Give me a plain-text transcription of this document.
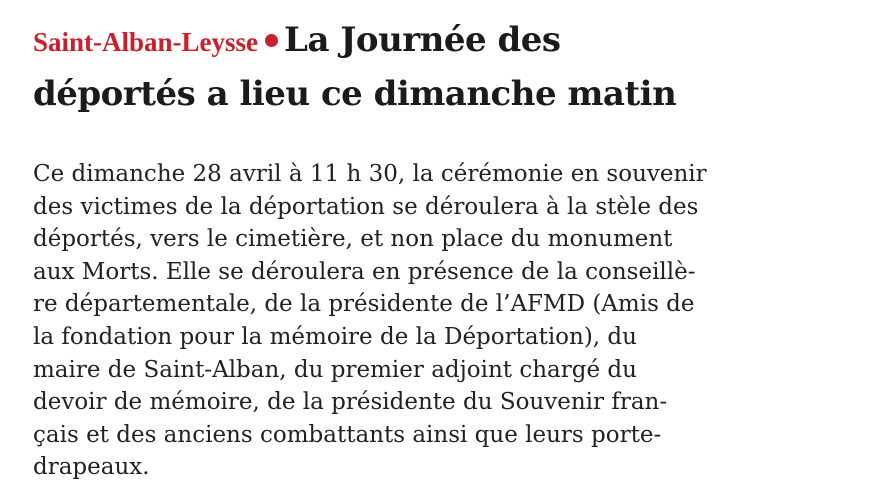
Saint-Alban-Leysse La Journée des
déportés a lieu ce dimanche matin
Ce dimanche 28 avril à 11 h 30, la cérémonie en souvenir
des victimes de la déportation se déroulera à la stèle des
déportés, vers le cimetière, et non place du monument
aux Morts. Elle se déroulera en présence de la conseillè-
re départementale, de la présidente de l’AFMD (Amis de
la fondation pour la mémoire de la Déportation), du
maire de Saint-Alban, du premier adjoint chargé du
devoir de mémoire, de la présidente du Souvenir fran-
çais et des anciens combattants ainsi que leurs porte-
drapeaux.
